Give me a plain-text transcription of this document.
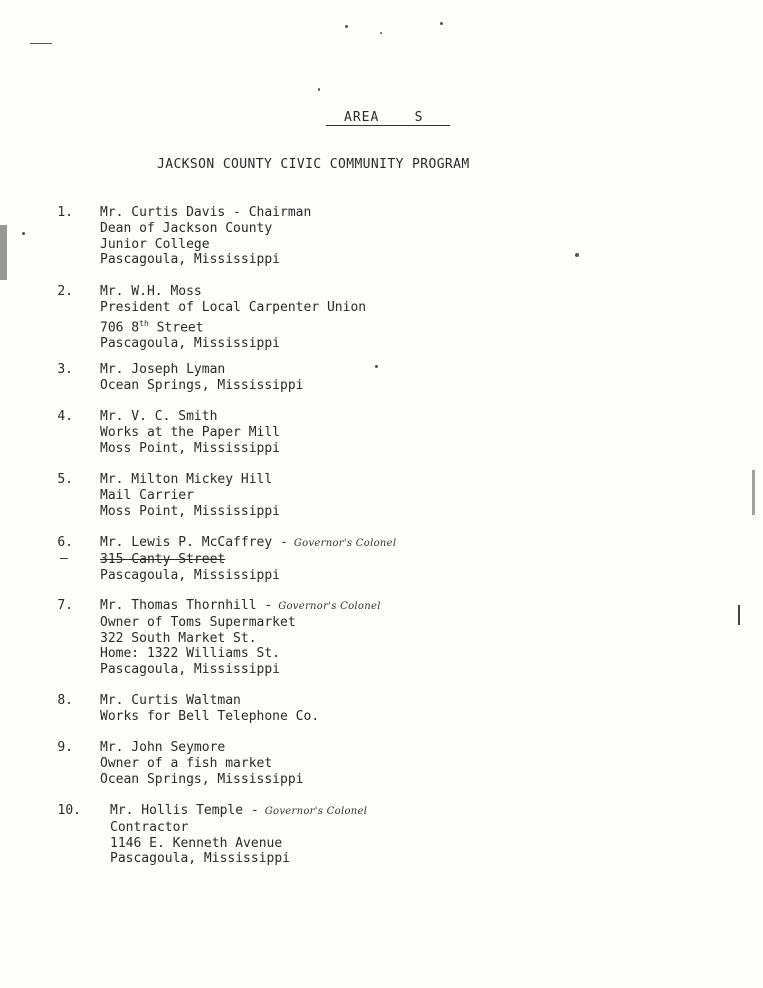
AREA	S
JACKSON COUNTY CIVIC COMMUNITY PROGRAM
1. Mr. Curtis Davis - Chairman
Dean of Jackson County
Junior College
Pascagoula, Mississippi
2. Mr. W.H. Moss
President of Local Carpenter Union
706 8th Street
Pascagoula, Mississippi
3. Mr. Joseph Lyman
Ocean Springs, Mississippi
4. Mr. V. C. Smith
Works at the Paper Mill
Moss Point, Mississippi
5. Mr. Milton Mickey Hill
Mail Carrier
Moss Point, Mississippi
6.
—
Mr. Lewis P. McCaffrey - Governor's Colonel
315 Canty Street
Pascagoula, Mississippi
7. Mr. Thomas Thornhill - Governor's Colonel
Owner of Toms Supermarket
322 South Market St.
Home: 1322 Williams St.
Pascagoula, Mississippi
8. Mr. Curtis Waltman
Works for Bell Telephone Co.
9. Mr. John Seymore
Owner of a fish market
Ocean Springs, Mississippi
10. Mr. Hollis Temple - Governor's Colonel
Contractor
1146 E. Kenneth Avenue
Pascagoula, Mississippi
